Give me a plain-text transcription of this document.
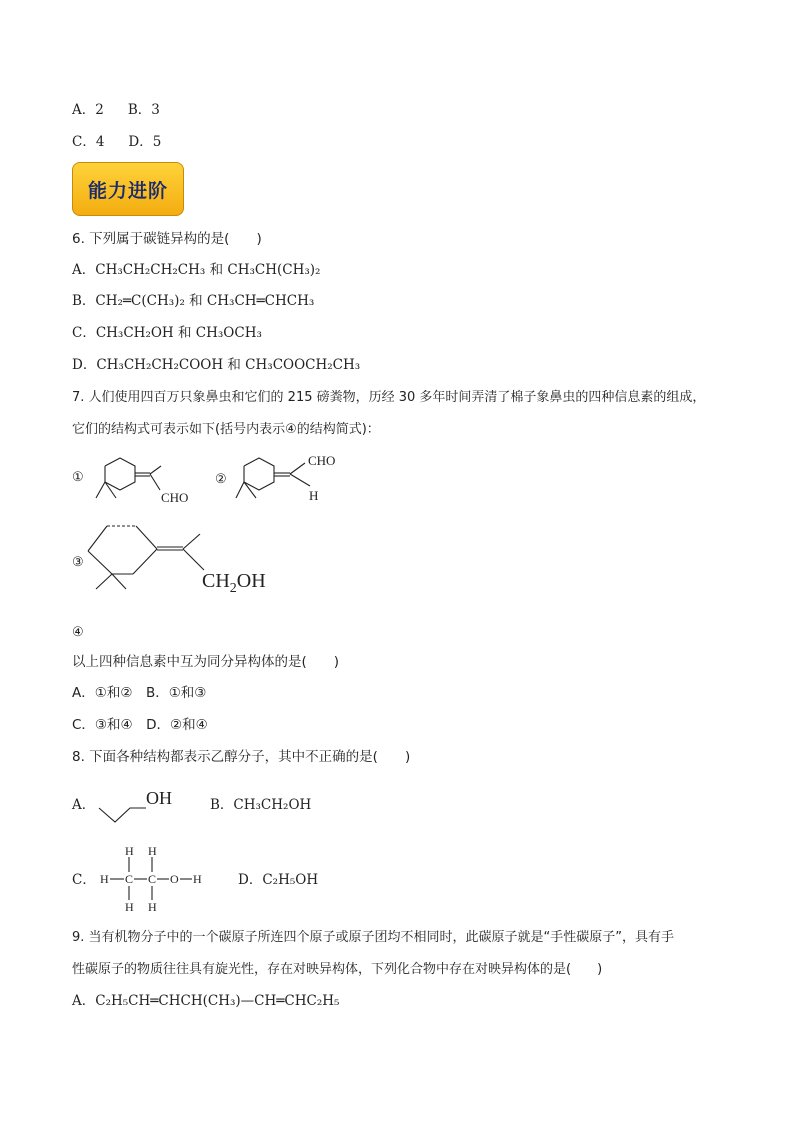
A．2 B．3
C．4 D．5
能力进阶
6. 下列属于碳链异构的是(　　)
A．CH₃CH₂CH₂CH₃ 和 CH₃CH(CH₃)₂
B．CH₂═C(CH₃)₂ 和 CH₃CH═CHCH₃
C．CH₃CH₂OH 和 CH₃OCH₃
D．CH₃CH₂CH₂COOH 和 CH₃COOCH₂CH₃
7. 人们使用四百万只象鼻虫和它们的 215 磅粪物，历经 30 多年时间弄清了棉子象鼻虫的四种信息素的组成，
它们的结构式可表示如下(括号内表示④的结构简式)：
①
CHO
②
CHO
H
③
$CH_2OH$
④
OH
H H
H C C O H
H H
以上四种信息素中互为同分异构体的是(　　)
A．①和②　B．①和③
C．③和④　D．②和④
8. 下面各种结构都表示乙醇分子，其中不正确的是(　　)
A．	B．CH₃CH₂OH
C．	D．C₂H₅OH
9. 当有机物分子中的一个碳原子所连四个原子或原子团均不相同时，此碳原子就是“手性碳原子”，具有手
性碳原子的物质往往具有旋光性，存在对映异构体，下列化合物中存在对映异构体的是(　　)
A．C₂H₅CH═CHCH(CH₃)—CH═CHC₂H₅
